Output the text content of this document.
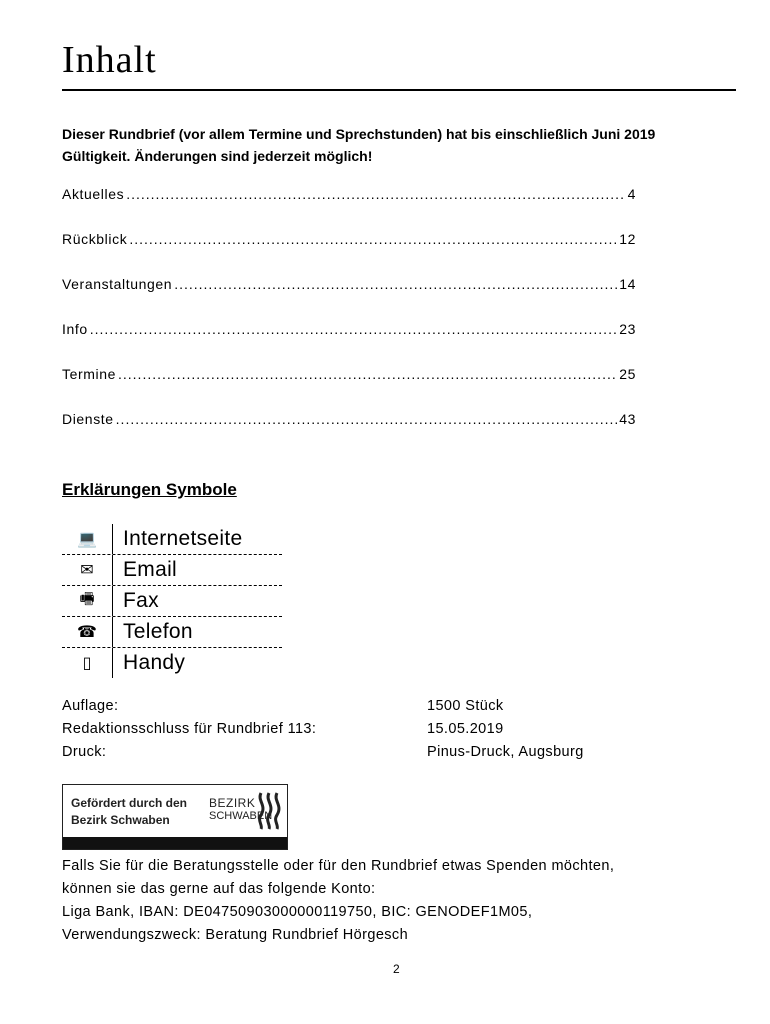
Inhalt
Dieser Rundbrief (vor allem Termine und Sprechstunden) hat bis einschließlich Juni 2019 Gültigkeit. Änderungen sind jederzeit möglich!
Aktuelles .....	4
Rückblick .....	12
Veranstaltungen .....	14
Info .....	23
Termine .....	25
Dienste .....	43
Erklärungen Symbole
💻	Internetseite
✉	Email
🖷	Fax
☎	Telefon
▯	Handy
Auflage:	1500 Stück
Redaktionsschluss für Rundbrief 113:	15.05.2019
Druck:	Pinus-Druck, Augsburg
Gefördert durch den
Bezirk Schwaben
BEZIRK
SCHWABEN
Falls Sie für die Beratungsstelle oder für den Rundbrief etwas Spenden möchten,
können sie das gerne auf das folgende Konto:
Liga Bank, IBAN: DE04750903000000119750, BIC: GENODEF1M05,
Verwendungszweck: Beratung Rundbrief Hörgesch
2
